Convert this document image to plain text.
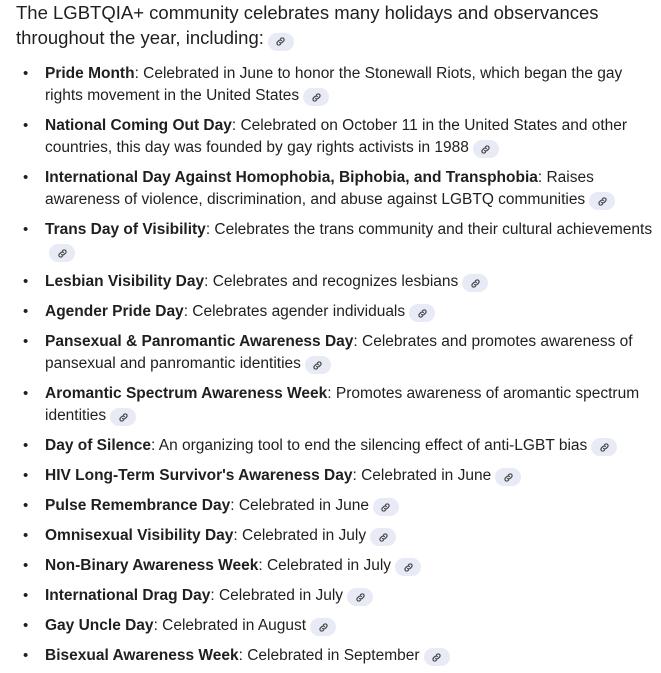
The LGBTQIA+ community celebrates many holidays and observances throughout the year, including:

• Pride Month: Celebrated in June to honor the Stonewall Riots, which began the gay rights movement in the United States
• National Coming Out Day: Celebrated on October 11 in the United States and other countries, this day was founded by gay rights activists in 1988
• International Day Against Homophobia, Biphobia, and Transphobia: Raises awareness of violence, discrimination, and abuse against LGBTQ communities
• Trans Day of Visibility: Celebrates the trans community and their cultural achievements
• Lesbian Visibility Day: Celebrates and recognizes lesbians
• Agender Pride Day: Celebrates agender individuals
• Pansexual & Panromantic Awareness Day: Celebrates and promotes awareness of pansexual and panromantic identities
• Aromantic Spectrum Awareness Week: Promotes awareness of aromantic spectrum identities
• Day of Silence: An organizing tool to end the silencing effect of anti-LGBT bias
• HIV Long-Term Survivor's Awareness Day: Celebrated in June
• Pulse Remembrance Day: Celebrated in June
• Omnisexual Visibility Day: Celebrated in July
• Non-Binary Awareness Week: Celebrated in July
• International Drag Day: Celebrated in July
• Gay Uncle Day: Celebrated in August
• Bisexual Awareness Week: Celebrated in September
